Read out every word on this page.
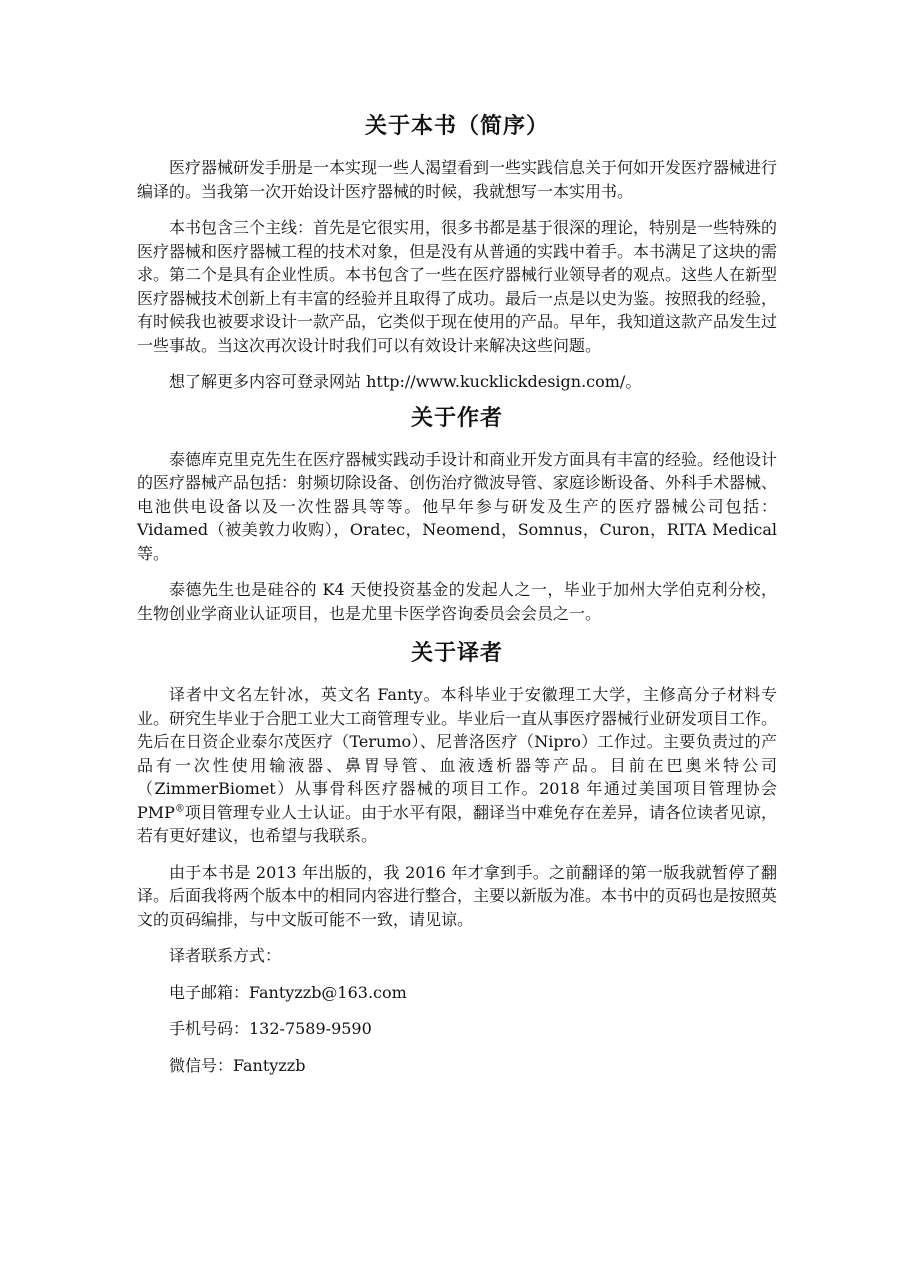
关于本书（简序）

医疗器械研发手册是一本实现一些人渴望看到一些实践信息关于何如开发医疗器械进行编译的。当我第一次开始设计医疗器械的时候，我就想写一本实用书。

本书包含三个主线：首先是它很实用，很多书都是基于很深的理论，特别是一些特殊的医疗器械和医疗器械工程的技术对象，但是没有从普通的实践中着手。本书满足了这块的需求。第二个是具有企业性质。本书包含了一些在医疗器械行业领导者的观点。这些人在新型医疗器械技术创新上有丰富的经验并且取得了成功。最后一点是以史为鉴。按照我的经验，有时候我也被要求设计一款产品，它类似于现在使用的产品。早年，我知道这款产品发生过一些事故。当这次再次设计时我们可以有效设计来解决这些问题。

想了解更多内容可登录网站 http://www.kucklickdesign.com/。

关于作者

泰德库克里克先生在医疗器械实践动手设计和商业开发方面具有丰富的经验。经他设计的医疗器械产品包括：射频切除设备、创伤治疗微波导管、家庭诊断设备、外科手术器械、电池供电设备以及一次性器具等等。他早年参与研发及生产的医疗器械公司包括：Vidamed（被美敦力收购），Oratec，Neomend，Somnus，Curon，RITA Medical 等。

泰德先生也是硅谷的 K4 天使投资基金的发起人之一，毕业于加州大学伯克利分校，生物创业学商业认证项目，也是尤里卡医学咨询委员会会员之一。

关于译者

译者中文名左针冰，英文名 Fanty。本科毕业于安徽理工大学，主修高分子材料专业。研究生毕业于合肥工业大工商管理专业。毕业后一直从事医疗器械行业研发项目工作。先后在日资企业泰尔茂医疗（Terumo）、尼普洛医疗（Nipro）工作过。主要负责过的产品有一次性使用输液器、鼻胃导管、血液透析器等产品。目前在巴奥米特公司（ZimmerBiomet）从事骨科医疗器械的项目工作。2018 年通过美国项目管理协会 PMP®项目管理专业人士认证。由于水平有限，翻译当中难免存在差异，请各位读者见谅，若有更好建议，也希望与我联系。

由于本书是 2013 年出版的，我 2016 年才拿到手。之前翻译的第一版我就暂停了翻译。后面我将两个版本中的相同内容进行整合，主要以新版为准。本书中的页码也是按照英文的页码编排，与中文版可能不一致，请见谅。

译者联系方式：

电子邮箱：Fantyzzb@163.com

手机号码：132-7589-9590

微信号：Fantyzzb
